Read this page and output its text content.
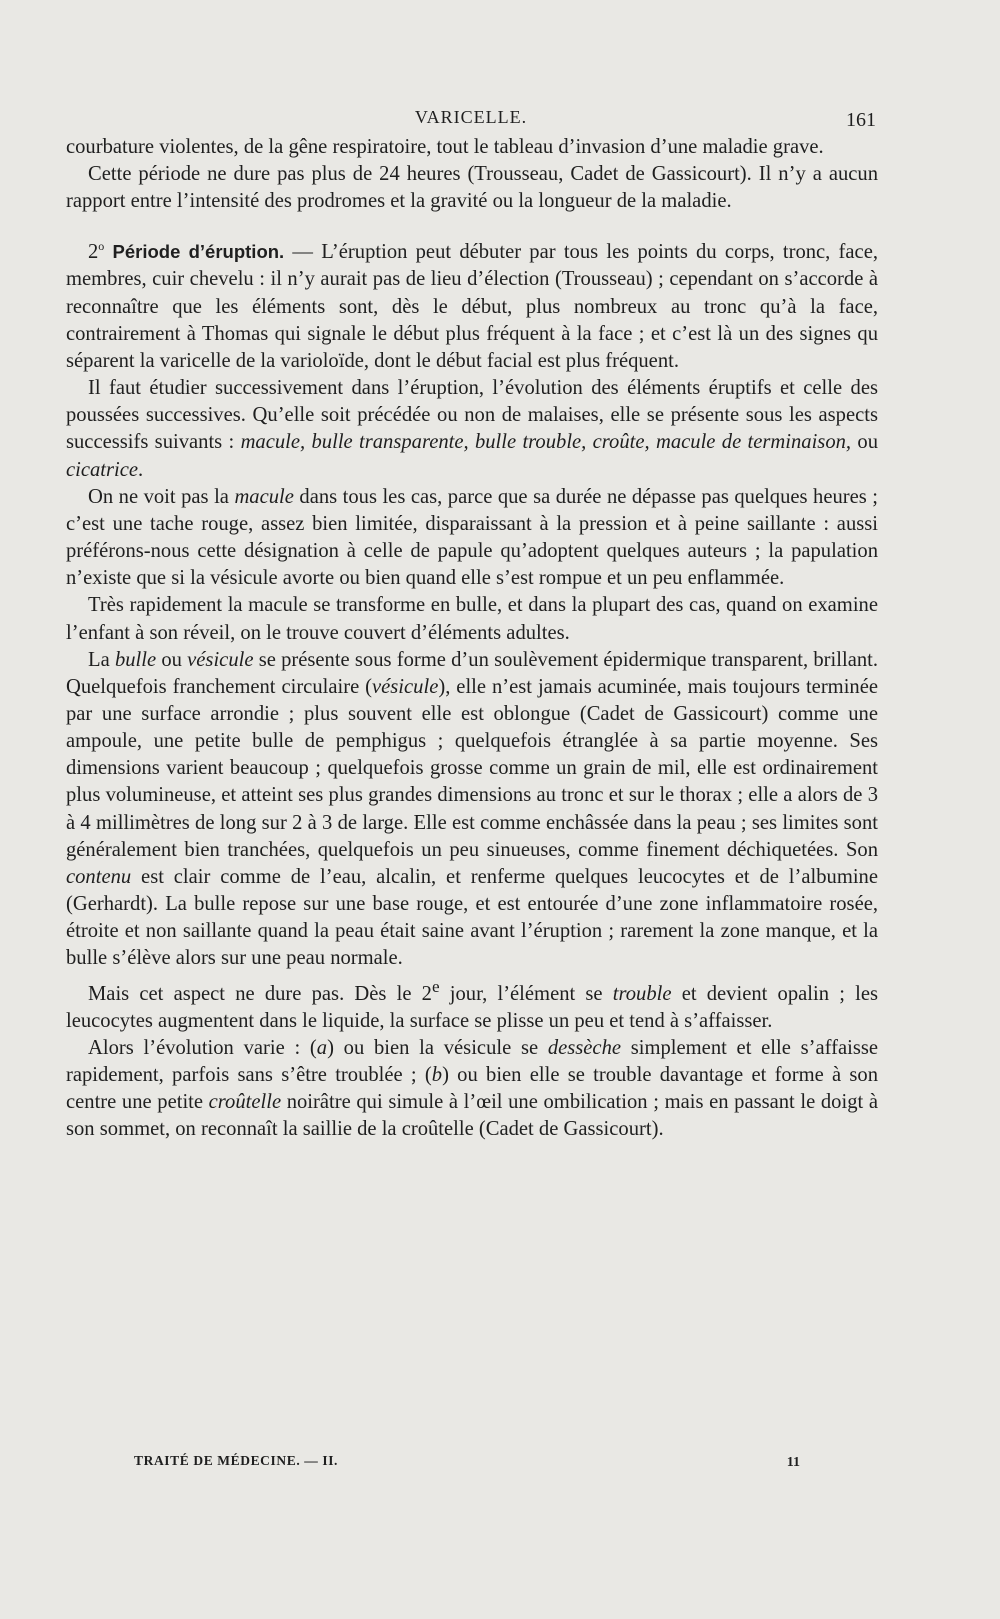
VARICELLE.	161

courbature violentes, de la gêne respiratoire, tout le tableau d’invasion d’une maladie grave.

Cette période ne dure pas plus de 24 heures (Trousseau, Cadet de Gassicourt). Il n’y a aucun rapport entre l’intensité des prodromes et la gravité ou la longueur de la maladie.

2$^o$ Période d’éruption. — L’éruption peut débuter par tous les points du corps, tronc, face, membres, cuir chevelu : il n’y aurait pas de lieu d’élection (Trousseau) ; cependant on s’accorde à reconnaître que les éléments sont, dès le début, plus nombreux au tronc qu’à la face, contrairement à Thomas qui signale le début plus fréquent à la face ; et c’est là un des signes qu séparent la varicelle de la varioloïde, dont le début facial est plus fréquent.

Il faut étudier successivement dans l’éruption, l’évolution des éléments éruptifs et celle des poussées successives. Qu’elle soit précédée ou non de malaises, elle se présente sous les aspects successifs suivants : macule, bulle transparente, bulle trouble, croûte, macule de terminaison, ou cicatrice.

On ne voit pas la macule dans tous les cas, parce que sa durée ne dépasse pas quelques heures ; c’est une tache rouge, assez bien limitée, disparaissant à la pression et à peine saillante : aussi préférons-nous cette désignation à celle de papule qu’adoptent quelques auteurs ; la papulation n’existe que si la vésicule avorte ou bien quand elle s’est rompue et un peu enflammée.

Très rapidement la macule se transforme en bulle, et dans la plupart des cas, quand on examine l’enfant à son réveil, on le trouve couvert d’éléments adultes.

La bulle ou vésicule se présente sous forme d’un soulèvement épidermique transparent, brillant. Quelquefois franchement circulaire (vésicule), elle n’est jamais acuminée, mais toujours terminée par une surface arrondie ; plus souvent elle est oblongue (Cadet de Gassicourt) comme une ampoule, une petite bulle de pemphigus ; quelquefois étranglée à sa partie moyenne. Ses dimensions varient beaucoup ; quelquefois grosse comme un grain de mil, elle est ordinairement plus volumineuse, et atteint ses plus grandes dimensions au tronc et sur le thorax ; elle a alors de 3 à 4 millimètres de long sur 2 à 3 de large. Elle est comme enchâssée dans la peau ; ses limites sont généralement bien tranchées, quelquefois un peu sinueuses, comme finement déchiquetées. Son contenu est clair comme de l’eau, alcalin, et renferme quelques leucocytes et de l’albumine (Gerhardt). La bulle repose sur une base rouge, et est entourée d’une zone inflammatoire rosée, étroite et non saillante quand la peau était saine avant l’éruption ; rarement la zone manque, et la bulle s’élève alors sur une peau normale.

Mais cet aspect ne dure pas. Dès le 2e jour, l’élément se trouble et devient opalin ; les leucocytes augmentent dans le liquide, la surface se plisse un peu et tend à s’affaisser.

Alors l’évolution varie : (a) ou bien la vésicule se dessèche simplement et elle s’affaisse rapidement, parfois sans s’être troublée ; (b) ou bien elle se trouble davantage et forme à son centre une petite croûtelle noirâtre qui simule à l’œil une ombilication ; mais en passant le doigt à son sommet, on reconnaît la saillie de la croûtelle (Cadet de Gassicourt).

TRAITÉ DE MÉDECINE. — II.	11
